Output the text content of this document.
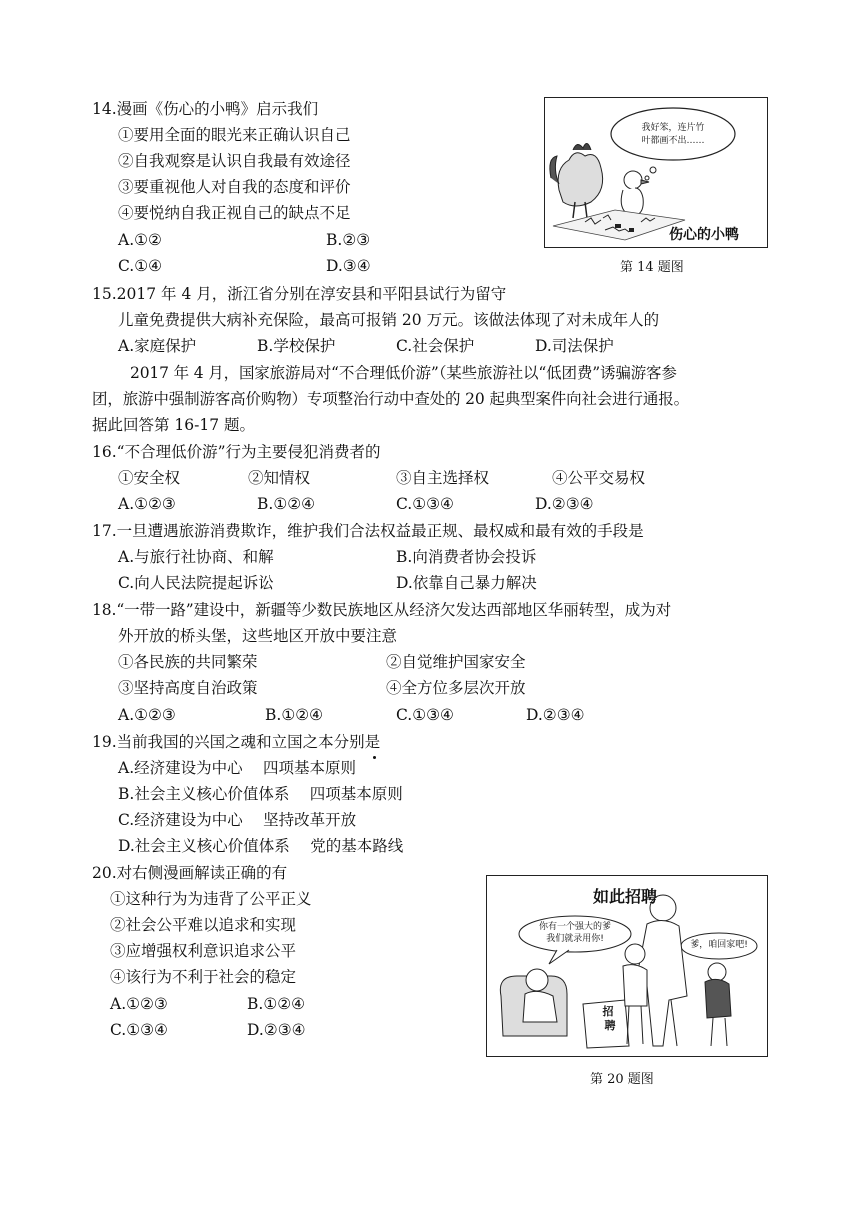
14.漫画《伤心的小鸭》启示我们
①要用全面的眼光来正确认识自己
②自我观察是认识自我最有效途径
③要重视他人对自我的态度和评价
④要悦纳自我正视自己的缺点不足
A.①②	B.②③
C.①④	D.③④
我好笨，连片竹
叶都画不出……
伤心的小鸭
第 14 题图
15.2017 年 4 月，浙江省分别在淳安县和平阳县试行为留守
儿童免费提供大病补充保险，最高可报销 20 万元。该做法体现了对未成年人的
A.家庭保护	B.学校保护	C.社会保护	D.司法保护
2017 年 4 月，国家旅游局对“不合理低价游”（某些旅游社以“低团费”诱骗游客参
团，旅游中强制游客高价购物）专项整治行动中查处的 20 起典型案件向社会进行通报。
据此回答第 16-17 题。
16.“不合理低价游”行为主要侵犯消费者的
①安全权	②知情权	③自主选择权	④公平交易权
A.①②③	B.①②④	C.①③④	D.②③④
17.一旦遭遇旅游消费欺诈，维护我们合法权益最正规、最权威和最有效的手段是
A.与旅行社协商、和解	B.向消费者协会投诉
C.向人民法院提起诉讼	D.依靠自己暴力解决
18.“一带一路”建设中，新疆等少数民族地区从经济欠发达西部地区华丽转型，成为对
外开放的桥头堡，这些地区开放中要注意
①各民族的共同繁荣	②自觉维护国家安全
③坚持高度自治政策	④全方位多层次开放
A.①②③	B.①②④	C.①③④	D.②③④
19.当前我国的兴国之魂和立国之本分别是
A.经济建设为中心　 四项基本原则
B.社会主义核心价值体系　 四项基本原则
C.经济建设为中心　 坚持改革开放
D.社会主义核心价值体系　 党的基本路线
20.对右侧漫画解读正确的有
①这种行为为违背了公平正义
②社会公平难以追求和实现
③应增强权利意识追求公平
④该行为不利于社会的稳定
A.①②③	B.①②④
C.①③④	D.②③④
如此招聘
你有一个强大的爹
我们就录用你!
爹，咱回家吧!
招
聘
第 20 题图
